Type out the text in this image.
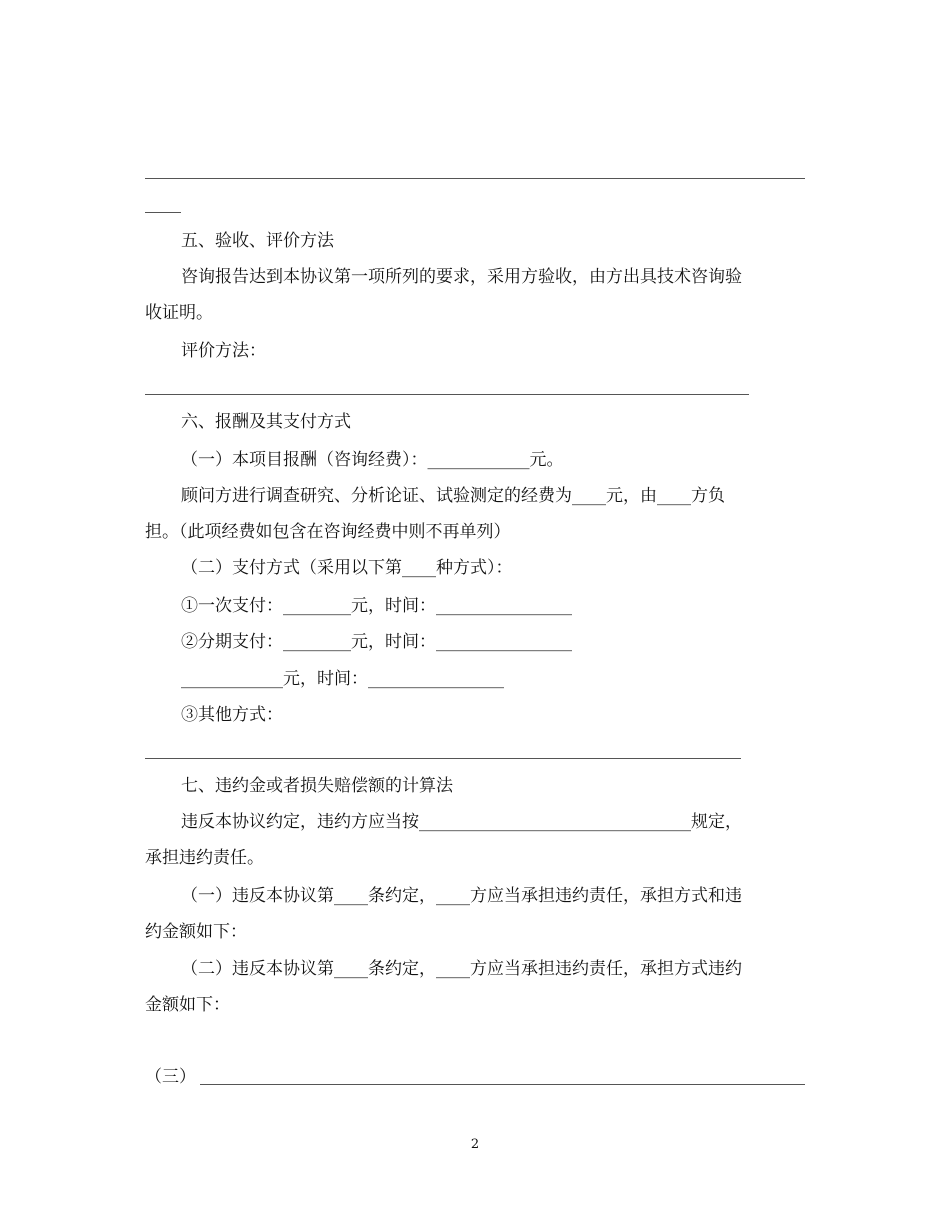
五、验收、评价方法
咨询报告达到本协议第一项所列的要求，采用方验收，由方出具技术咨询验
收证明。
评价方法：
六、报酬及其支付方式
（一）本项目报酬（咨询经费）：____________元。
顾问方进行调查研究、分析论证、试验测定的经费为____元，由____方负
担。（此项经费如包含在咨询经费中则不再单列）
（二）支付方式（采用以下第____种方式）：
①一次支付：________元，时间：________________
②分期支付：________元，时间：________________
____________元，时间：________________
③其他方式：
七、违约金或者损失赔偿额的计算法
违反本协议约定，违约方应当按________________________________规定，
承担违约责任。
（一）违反本协议第____条约定，____方应当承担违约责任，承担方式和违
约金额如下：
（二）违反本协议第____条约定，____方应当承担违约责任，承担方式违约
金额如下：
（三）
2
